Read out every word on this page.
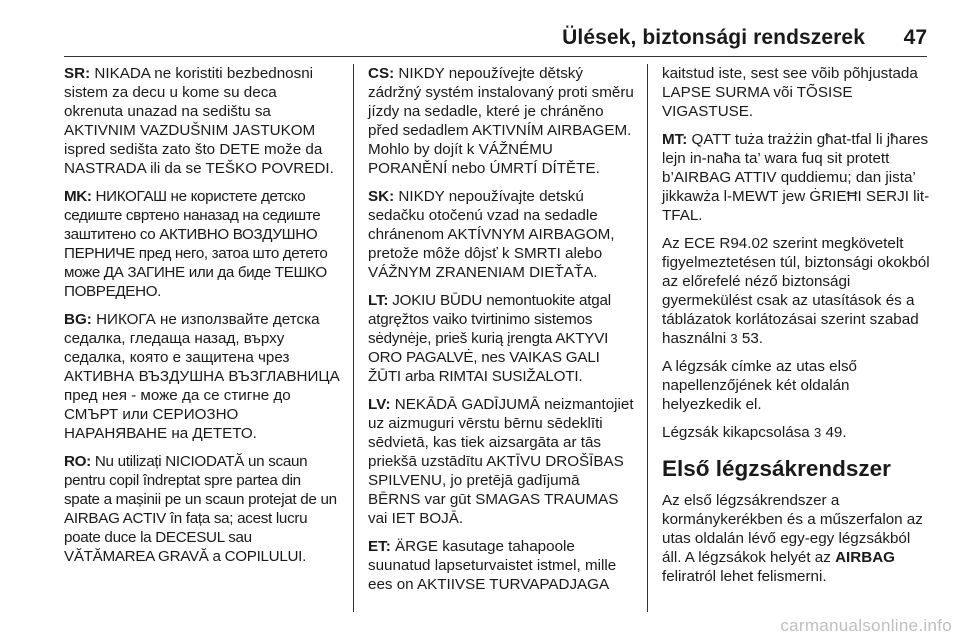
Ülések, biztonsági rendszerek 47

SR: NIKADA ne koristiti bezbednosni sistem za decu u kome su deca okrenuta unazad na sedištu sa AKTIVNIM VAZDUŠNIM JASTUKOM ispred sedišta zato što DETE može da NASTRADA ili da se TEŠKO POVREDI.

MK: НИКОГАШ не користете детско седиште свртено наназад на седиште заштитено со АКТИВНО ВОЗДУШНО ПЕРНИЧЕ пред него, затоа што детето може ДА ЗАГИНЕ или да биде ТЕШКО ПОВРЕДЕНО.

BG: НИКОГА не използвайте детска седалка, гледаща назад, върху седалка, която е защитена чрез АКТИВНА ВЪЗДУШНА ВЪЗГЛАВНИЦА пред нея - може да се стигне до СМЪРТ или СЕРИОЗНО НАРАНЯВАНЕ на ДЕТЕТО.

RO: Nu utilizați NICIODATĂ un scaun pentru copil îndreptat spre partea din spate a mașinii pe un scaun protejat de un AIRBAG ACTIV în fața sa; acest lucru poate duce la DECESUL sau VĂTĂMAREA GRAVĂ a COPILULUI.

CS: NIKDY nepoužívejte dětský zádržný systém instalovaný proti směru jízdy na sedadle, které je chráněno před sedadlem AKTIVNÍM AIRBAGEM. Mohlo by dojít k VÁŽNÉMU PORANĚNÍ nebo ÚMRTÍ DÍTĚTE.

SK: NIKDY nepoužívajte detskú sedačku otočenú vzad na sedadle chránenom AKTÍVNYM AIRBAGOM, pretože môže dôjsť k SMRTI alebo VÁŽNYM ZRANENIAM DIEŤAŤA.

LT: JOKIU BŪDU nemontuokite atgal atgręžtos vaiko tvirtinimo sistemos sėdynėje, prieš kurią įrengta AKTYVI ORO PAGALVĖ, nes VAIKAS GALI ŽŪTI arba RIMTAI SUSIŽALOTI.

LV: NEKĀDĀ GADĪJUMĀ neizmantojiet uz aizmuguri vērstu bērnu sēdeklīti sēdvietā, kas tiek aizsargāta ar tās priekšā uzstādītu AKTĪVU DROŠĪBAS SPILVENU, jo pretējā gadījumā BĒRNS var gūt SMAGAS TRAUMAS vai IET BOJĀ.

ET: ÄRGE kasutage tahapoole suunatud lapseturvaistet istmel, mille ees on AKTIIVSE TURVAPADJAGA

kaitstud iste, sest see võib põhjustada LAPSE SURMA või TÕSISE VIGASTUSE.

MT: QATT tuża trażżin għat-tfal li jħares lejn in-naħa ta’ wara fuq sit protett b’AIRBAG ATTIV quddiemu; dan jista’ jikkawża l-MEWT jew ĠRIEĦI SERJI lit-TFAL.

Az ECE R94.02 szerint megkövetelt figyelmeztetésen túl, biztonsági okokból az előrefelé néző biztonsági gyermekülést csak az utasítások és a táblázatok korlátozásai szerint szabad használni 3 53.

A légzsák címke az utas első napellenzőjének két oldalán helyezkedik el.

Légzsák kikapcsolása 3 49.

Első légzsákrendszer

Az első légzsákrendszer a kormánykerékben és a műszerfalon az utas oldalán lévő egy-egy légzsákból áll. A légzsákok helyét az AIRBAG feliratról lehet felismerni.

carmanualsonline.info
